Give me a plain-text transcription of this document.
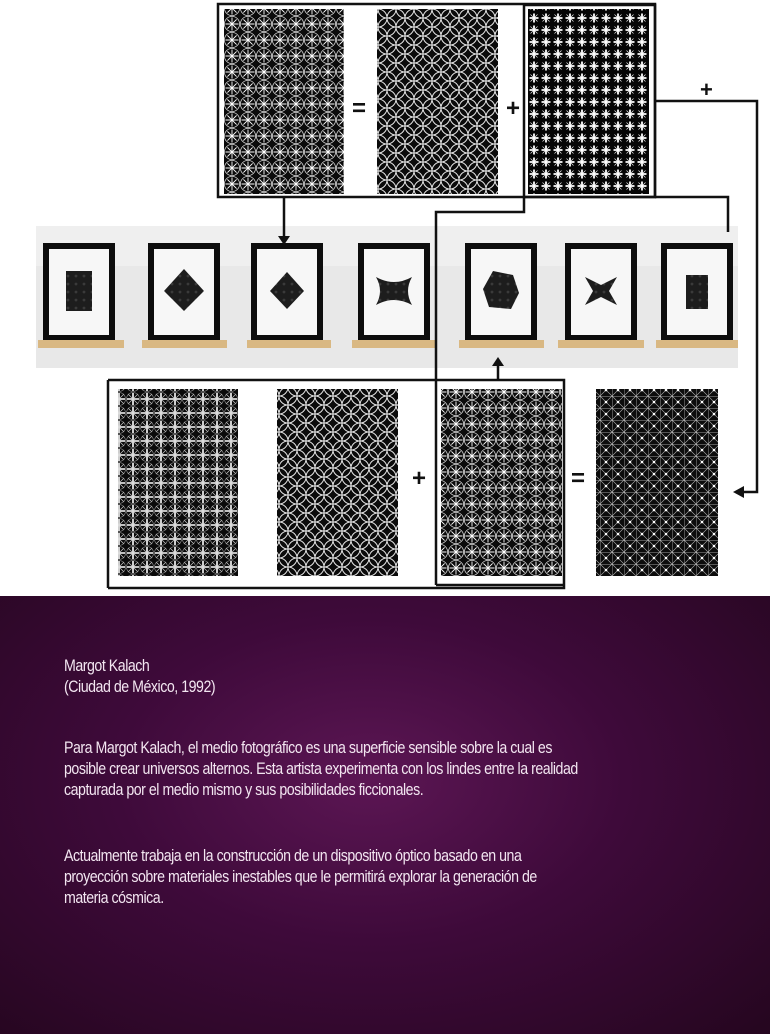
=	+
+
+	=
Margot Kalach
(Ciudad de México, 1992)
Para Margot Kalach, el medio fotográfico es una superficie sensible sobre la cual es
posible crear universos alternos. Esta artista experimenta con los lindes entre la realidad
capturada por el medio mismo y sus posibilidades ficcionales.
Actualmente trabaja en la construcción de un dispositivo óptico basado en una
proyección sobre materiales inestables que le permitirá explorar la generación de
materia cósmica.
